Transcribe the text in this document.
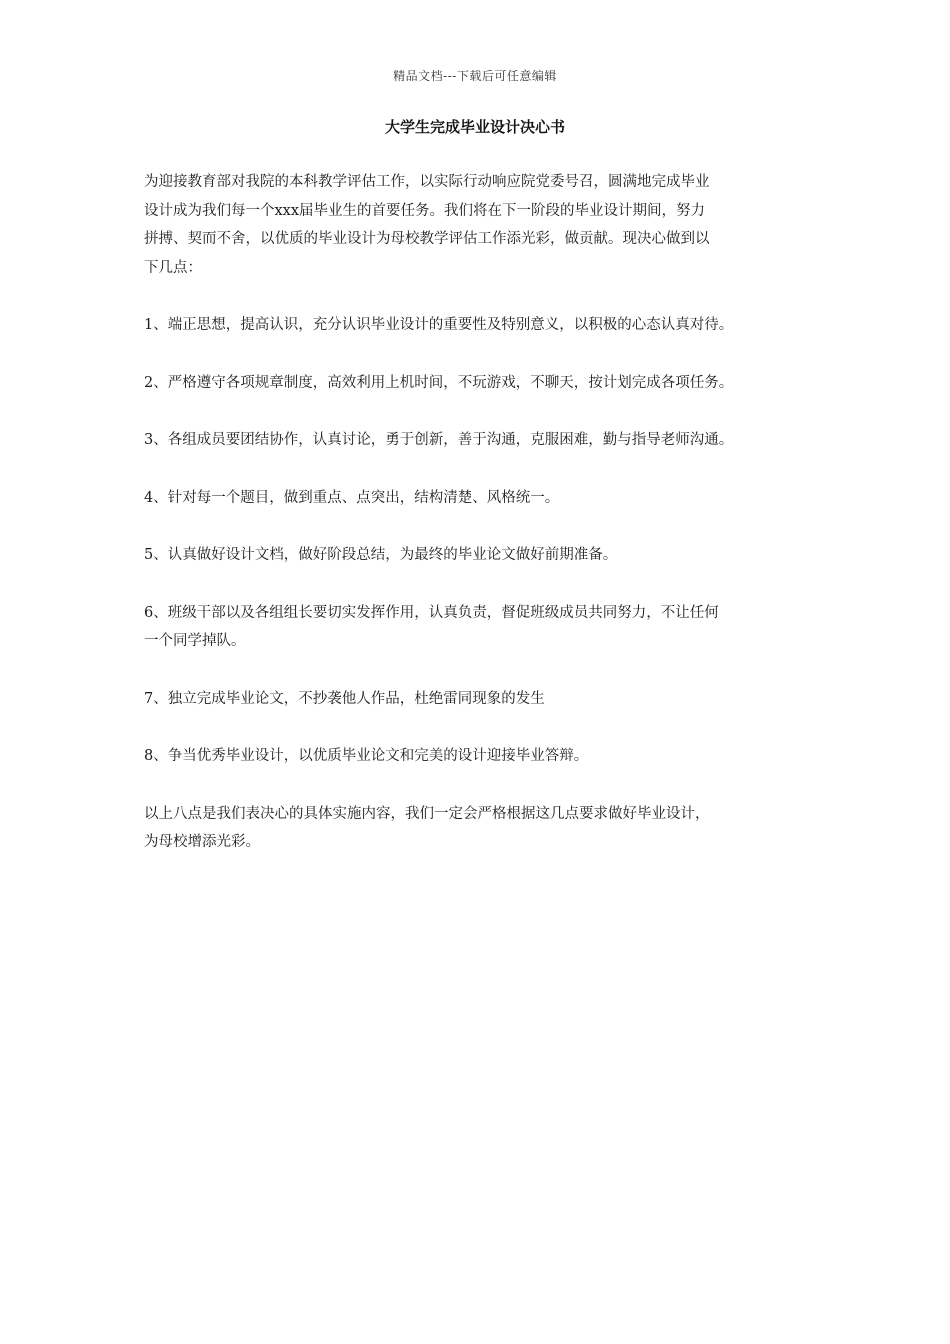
精品文档---下载后可任意编辑
大学生完成毕业设计决心书

为迎接教育部对我院的本科教学评估工作，以实际行动响应院党委号召，圆满地完成毕业
设计成为我们每一个xxx届毕业生的首要任务。我们将在下一阶段的毕业设计期间，努力
拼搏、契而不舍，以优质的毕业设计为母校教学评估工作添光彩，做贡献。现决心做到以
下几点：

1、端正思想，提高认识，充分认识毕业设计的重要性及特别意义，以积极的心态认真对待。

2、严格遵守各项规章制度，高效利用上机时间，不玩游戏，不聊天，按计划完成各项任务。

3、各组成员要团结协作，认真讨论，勇于创新，善于沟通，克服困难，勤与指导老师沟通。

4、针对每一个题目，做到重点、点突出，结构清楚、风格统一。

5、认真做好设计文档，做好阶段总结，为最终的毕业论文做好前期准备。

6、班级干部以及各组组长要切实发挥作用，认真负责，督促班级成员共同努力，不让任何
一个同学掉队。

7、独立完成毕业论文，不抄袭他人作品，杜绝雷同现象的发生

8、争当优秀毕业设计，以优质毕业论文和完美的设计迎接毕业答辩。

以上八点是我们表决心的具体实施内容，我们一定会严格根据这几点要求做好毕业设计，
为母校增添光彩。
